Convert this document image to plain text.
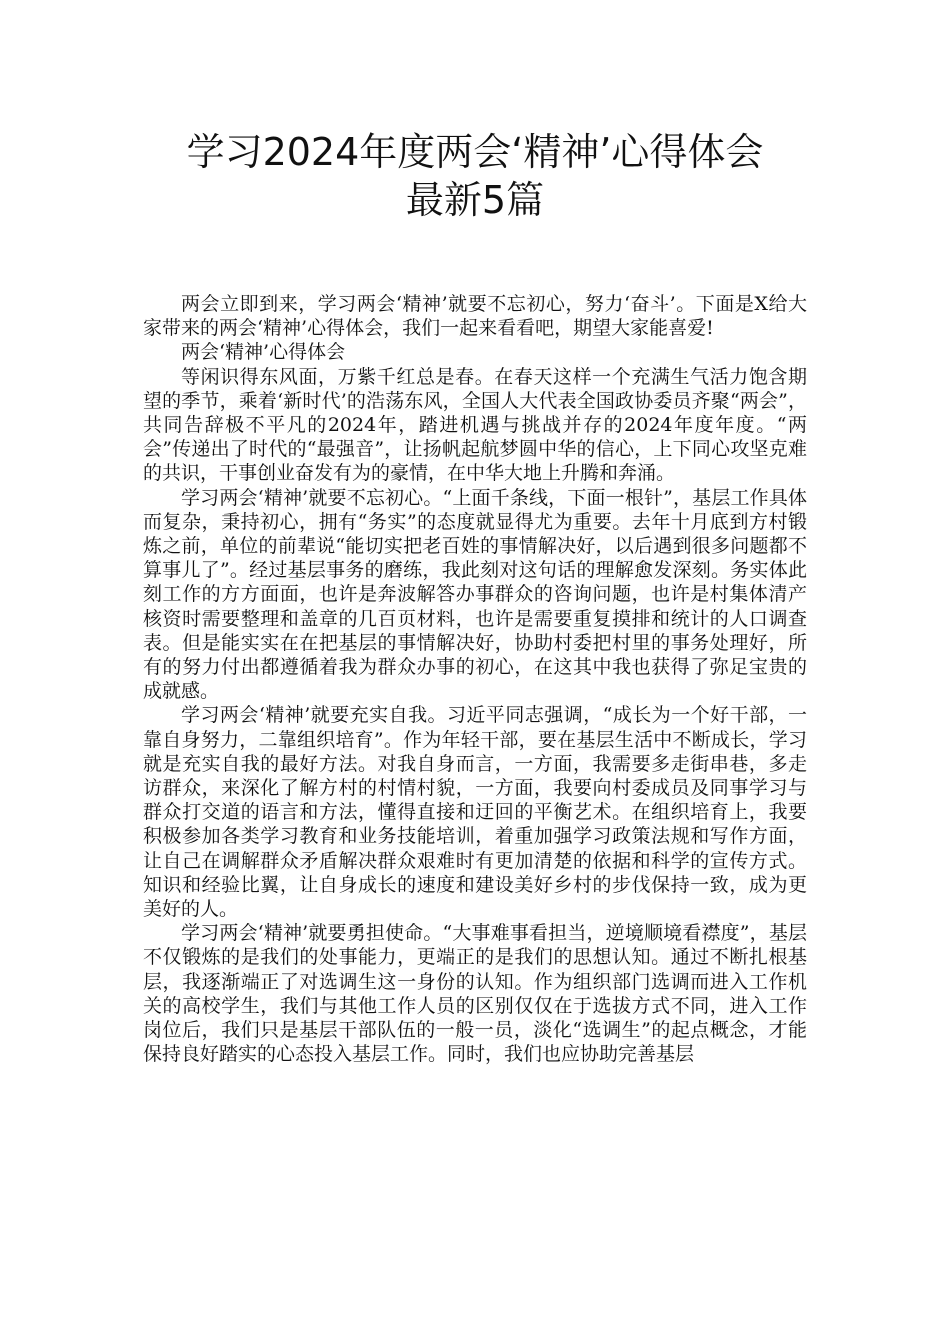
学习2024年度两会‘精神’心得体会
最新5篇

两会立即到来，学习两会‘精神’就要不忘初心，努力‘奋斗’。下面是X给大家带来的两会‘精神’心得体会，我们一起来看看吧，期望大家能喜爱!

两会‘精神’心得体会

等闲识得东风面，万紫千红总是春。在春天这样一个充满生气活力饱含期望的季节，乘着‘新时代’的浩荡东风，全国人大代表全国政协委员齐聚“两会”，共同告辞极不平凡的2024年，踏进机遇与挑战并存的2024年度年度。“两会”传递出了时代的“最强音”，让扬帆起航梦圆中华的信心，上下同心攻坚克难的共识，干事创业奋发有为的豪情，在中华大地上升腾和奔涌。

学习两会‘精神’就要不忘初心。“上面千条线，下面一根针”，基层工作具体而复杂，秉持初心，拥有“务实”的态度就显得尤为重要。去年十月底到方村锻炼之前，单位的前辈说“能切实把老百姓的事情解决好，以后遇到很多问题都不算事儿了”。经过基层事务的磨练，我此刻对这句话的理解愈发深刻。务实体此刻工作的方方面面，也许是奔波解答办事群众的咨询问题，也许是村集体清产核资时需要整理和盖章的几百页材料，也许是需要重复摸排和统计的人口调查表。但是能实实在在把基层的事情解决好，协助村委把村里的事务处理好，所有的努力付出都遵循着我为群众办事的初心，在这其中我也获得了弥足宝贵的成就感。

学习两会‘精神’就要充实自我。习近平同志强调，“成长为一个好干部，一靠自身努力，二靠组织培育”。作为年轻干部，要在基层生活中不断成长，学习就是充实自我的最好方法。对我自身而言，一方面，我需要多走街串巷，多走访群众，来深化了解方村的村情村貌，一方面，我要向村委成员及同事学习与群众打交道的语言和方法，懂得直接和迂回的平衡艺术。在组织培育上，我要积极参加各类学习教育和业务技能培训，着重加强学习政策法规和写作方面，让自己在调解群众矛盾解决群众艰难时有更加清楚的依据和科学的宣传方式。知识和经验比翼，让自身成长的速度和建设美好乡村的步伐保持一致，成为更美好的人。

学习两会‘精神’就要勇担使命。“大事难事看担当，逆境顺境看襟度”，基层不仅锻炼的是我们的处事能力，更端正的是我们的思想认知。通过不断扎根基层，我逐渐端正了对选调生这一身份的认知。作为组织部门选调而进入工作机关的高校学生，我们与其他工作人员的区别仅仅在于选拔方式不同，进入工作岗位后，我们只是基层干部队伍的一般一员，淡化“选调生”的起点概念，才能保持良好踏实的心态投入基层工作。同时，我们也应协助完善基层
